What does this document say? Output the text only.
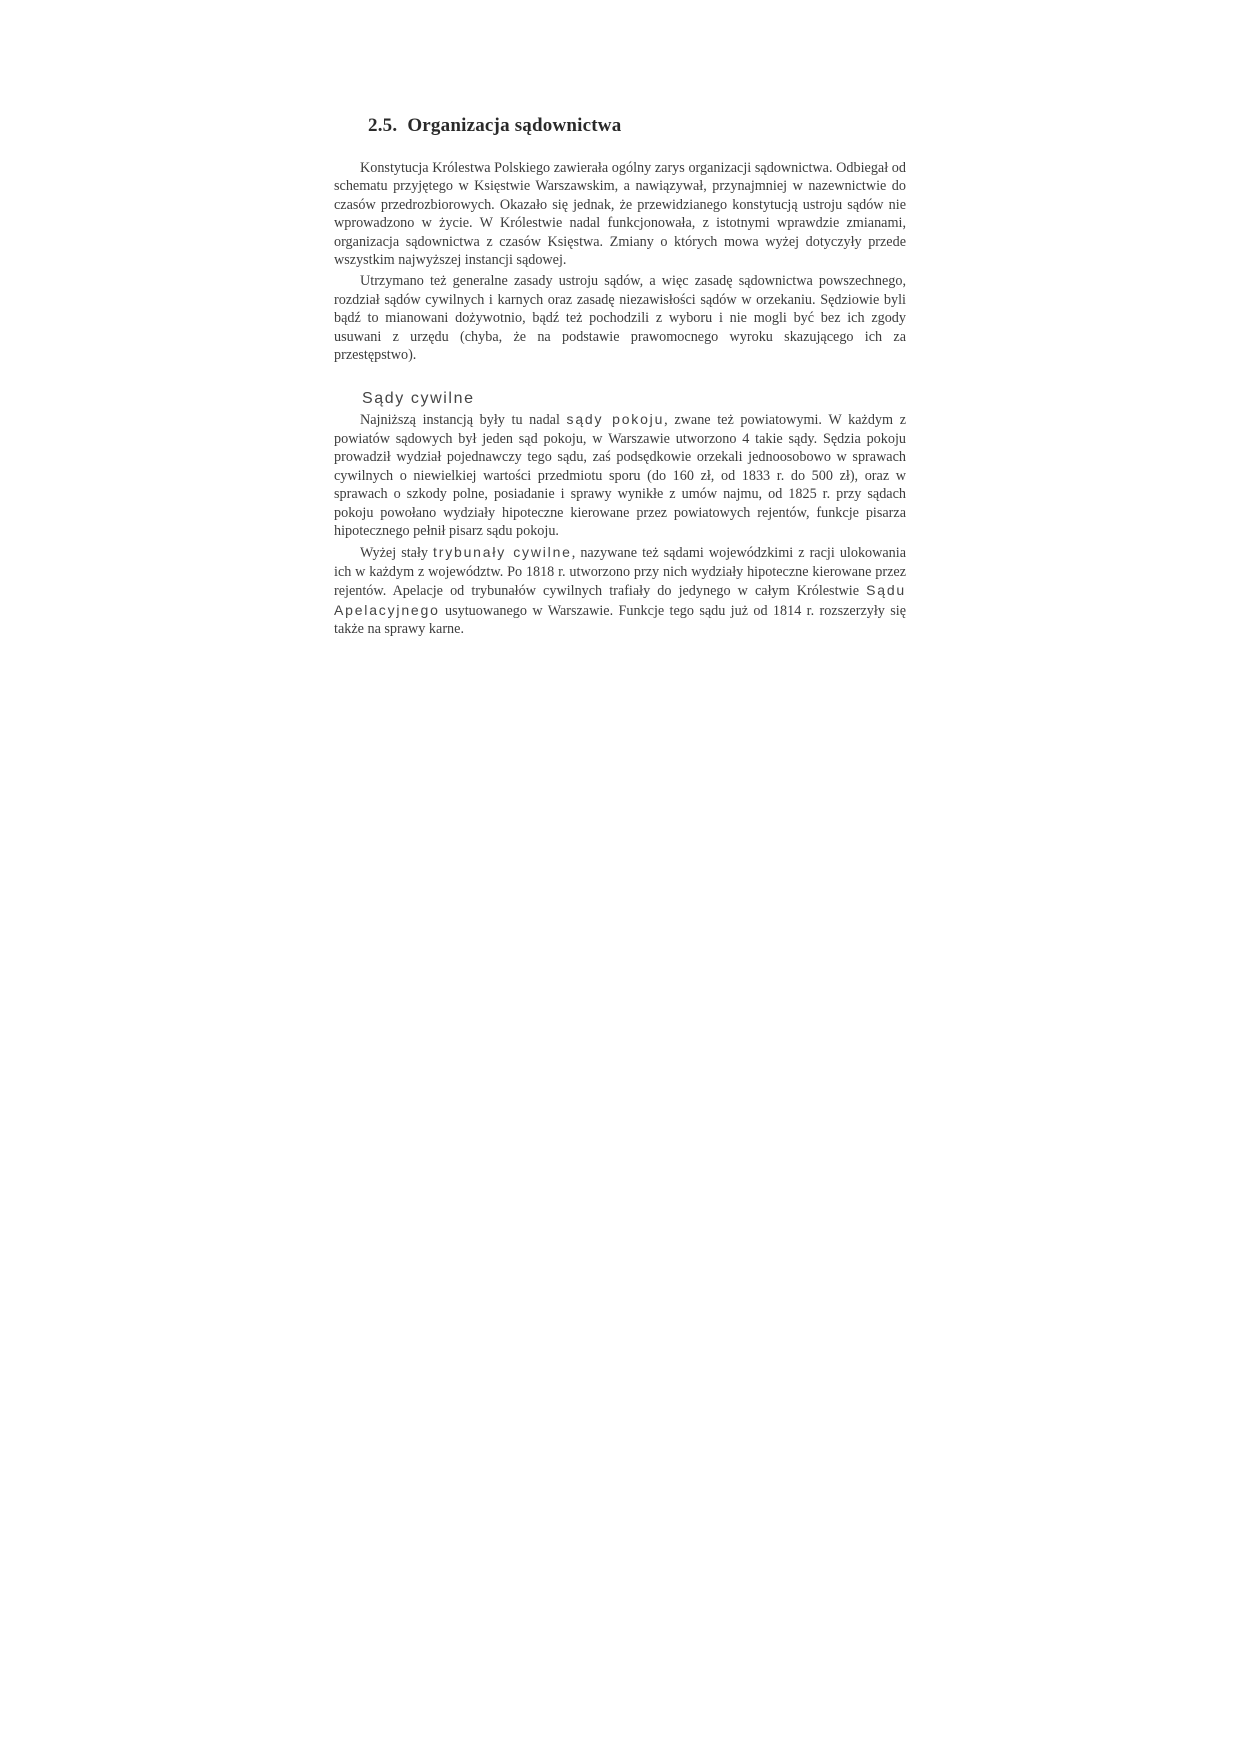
2.5. Organizacja sądownictwa

Konstytucja Królestwa Polskiego zawierała ogólny zarys organizacji sądownictwa. Odbiegał od schematu przyjętego w Księstwie Warszawskim, a nawiązywał, przynajmniej w nazewnictwie do czasów przedrozbiorowych. Okazało się jednak, że przewidzianego konstytucją ustroju sądów nie wprowadzono w życie. W Królestwie nadal funkcjonowała, z istotnymi wprawdzie zmianami, organizacja sądownictwa z czasów Księstwa. Zmiany o których mowa wyżej dotyczyły przede wszystkim najwyższej instancji sądowej.

Utrzymano też generalne zasady ustroju sądów, a więc zasadę sądownictwa powszechnego, rozdział sądów cywilnych i karnych oraz zasadę niezawisłości sądów w orzekaniu. Sędziowie byli bądź to mianowani dożywotnio, bądź też pochodzili z wyboru i nie mogli być bez ich zgody usuwani z urzędu (chyba, że na podstawie prawomocnego wyroku skazującego ich za przestępstwo).

Sądy cywilne

Najniższą instancją były tu nadal sądy pokoju, zwane też powiatowymi. W każdym z powiatów sądowych był jeden sąd pokoju, w Warszawie utworzono 4 takie sądy. Sędzia pokoju prowadził wydział pojednawczy tego sądu, zaś podsędkowie orzekali jednoosobowo w sprawach cywilnych o niewielkiej wartości przedmiotu sporu (do 160 zł, od 1833 r. do 500 zł), oraz w sprawach o szkody polne, posiadanie i sprawy wynikłe z umów najmu, od 1825 r. przy sądach pokoju powołano wydziały hipoteczne kierowane przez powiatowych rejentów, funkcje pisarza hipotecznego pełnił pisarz sądu pokoju.

Wyżej stały trybunały cywilne, nazywane też sądami wojewódzkimi z racji ulokowania ich w każdym z województw. Po 1818 r. utworzono przy nich wydziały hipoteczne kierowane przez rejentów. Apelacje od trybunałów cywilnych trafiały do jedynego w całym Królestwie Sądu Apelacyjnego usytuowanego w Warszawie. Funkcje tego sądu już od 1814 r. rozszerzyły się także na sprawy karne.
